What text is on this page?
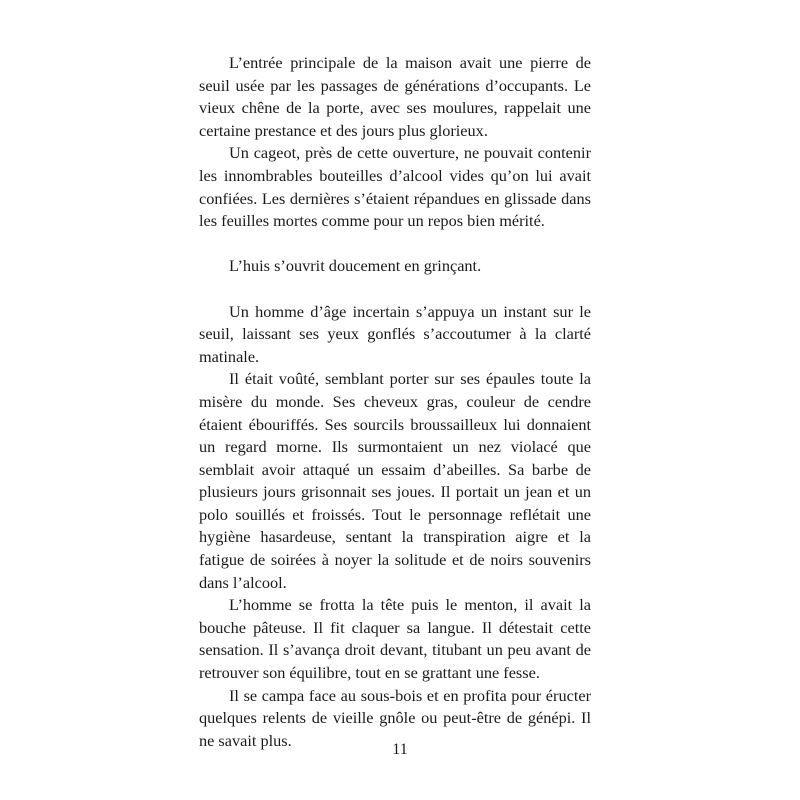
L’entrée principale de la maison avait une pierre de seuil usée par les passages de générations d’occupants. Le vieux chêne de la porte, avec ses moulures, rappelait une certaine prestance et des jours plus glorieux.

Un cageot, près de cette ouverture, ne pouvait contenir les innombrables bouteilles d’alcool vides qu’on lui avait confiées. Les dernières s’étaient répandues en glissade dans les feuilles mortes comme pour un repos bien mérité.

L’huis s’ouvrit doucement en grinçant.

Un homme d’âge incertain s’appuya un instant sur le seuil, laissant ses yeux gonflés s’accoutumer à la clarté matinale.

Il était voûté, semblant porter sur ses épaules toute la misère du monde. Ses cheveux gras, couleur de cendre étaient ébouriffés. Ses sourcils broussailleux lui donnaient un regard morne. Ils surmontaient un nez violacé que semblait avoir attaqué un essaim d’abeilles. Sa barbe de plusieurs jours grisonnait ses joues. Il portait un jean et un polo souillés et froissés. Tout le personnage reflétait une hygiène hasardeuse, sentant la transpiration aigre et la fatigue de soirées à noyer la solitude et de noirs souvenirs dans l’alcool.

L’homme se frotta la tête puis le menton, il avait la bouche pâteuse. Il fit claquer sa langue. Il détestait cette sensation. Il s’avança droit devant, titubant un peu avant de retrouver son équilibre, tout en se grattant une fesse.

Il se campa face au sous-bois et en profita pour éructer quelques relents de vieille gnôle ou peut-être de génépi. Il ne savait plus.	11
